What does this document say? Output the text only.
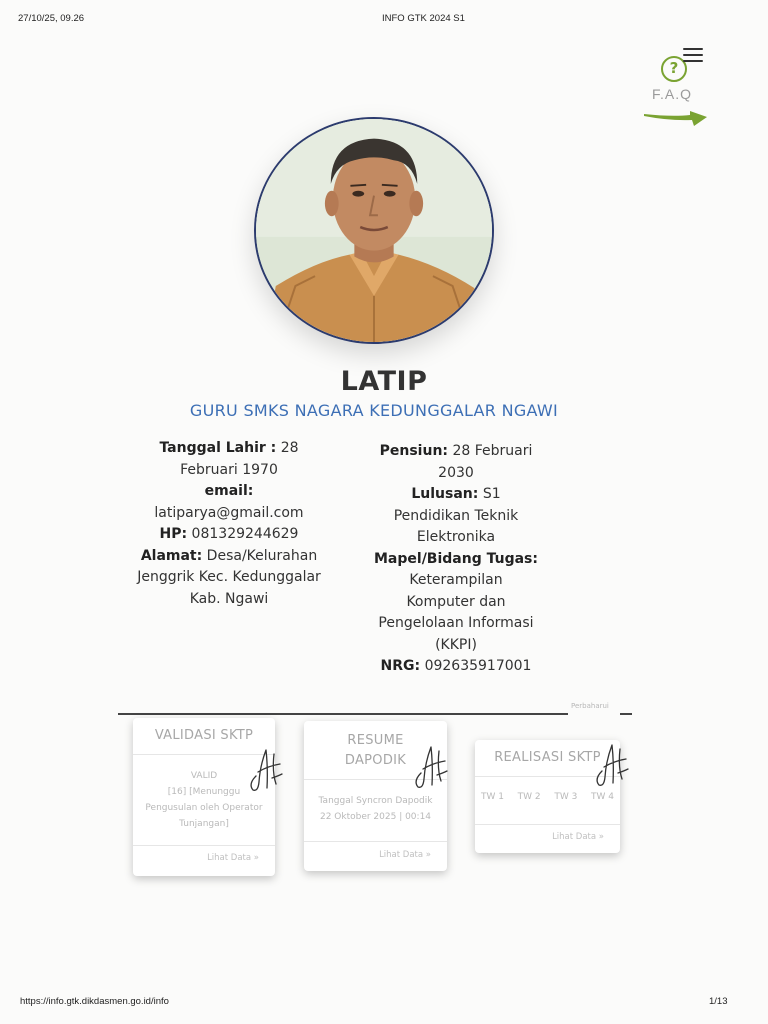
27/10/25, 09.26	INFO GTK 2024 S1
https://info.gtk.dikdasmen.go.id/info	1/13
?
F.A.Q
LATIP
GURU SMKS NAGARA KEDUNGGALAR NGAWI
Tanggal Lahir : 28
Februari 1970
email:
latiparya@gmail.com
HP: 081329244629
Alamat: Desa/Kelurahan
Jenggrik Kec. Kedunggalar
Kab. Ngawi
Pensiun: 28 Februari
2030
Lulusan: S1
Pendidikan Teknik
Elektronika
Mapel/Bidang Tugas:
Keterampilan
Komputer dan
Pengelolaan Informasi
(KKPI)
NRG: 092635917001
Perbaharui
VALIDASI SKTP
VALID
[16] [Menunggu
Pengusulan oleh Operator
Tunjangan]
Lihat Data »
RESUME
DAPODIK
Tanggal Syncron Dapodik
22 Oktober 2025 | 00:14
Lihat Data »
REALISASI SKTP
TW 1 TW 2 TW 3 TW 4
Lihat Data »
